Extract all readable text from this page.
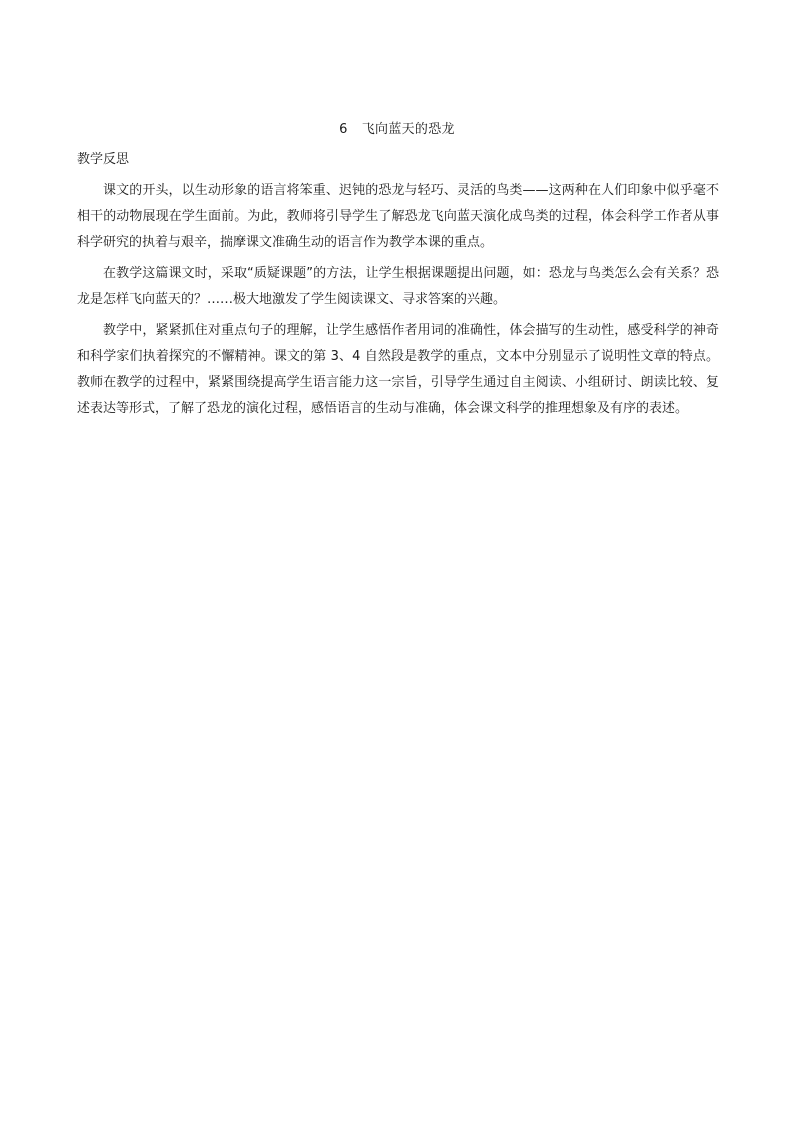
6 飞向蓝天的恐龙
教学反思

课文的开头，以生动形象的语言将笨重、迟钝的恐龙与轻巧、灵活的鸟类——这两种在人们印象中似乎毫不相干的动物展现在学生面前。为此，教师将引导学生了解恐龙飞向蓝天演化成鸟类的过程，体会科学工作者从事科学研究的执着与艰辛，揣摩课文准确生动的语言作为教学本课的重点。

在教学这篇课文时，采取“质疑课题”的方法，让学生根据课题提出问题，如：恐龙与鸟类怎么会有关系？恐龙是怎样飞向蓝天的？……极大地激发了学生阅读课文、寻求答案的兴趣。

教学中，紧紧抓住对重点句子的理解，让学生感悟作者用词的准确性，体会描写的生动性，感受科学的神奇和科学家们执着探究的不懈精神。课文的第 3、4 自然段是教学的重点，文本中分别显示了说明性文章的特点。教师在教学的过程中，紧紧围绕提高学生语言能力这一宗旨，引导学生通过自主阅读、小组研讨、朗读比较、复述表达等形式，了解了恐龙的演化过程，感悟语言的生动与准确，体会课文科学的推理想象及有序的表述。
